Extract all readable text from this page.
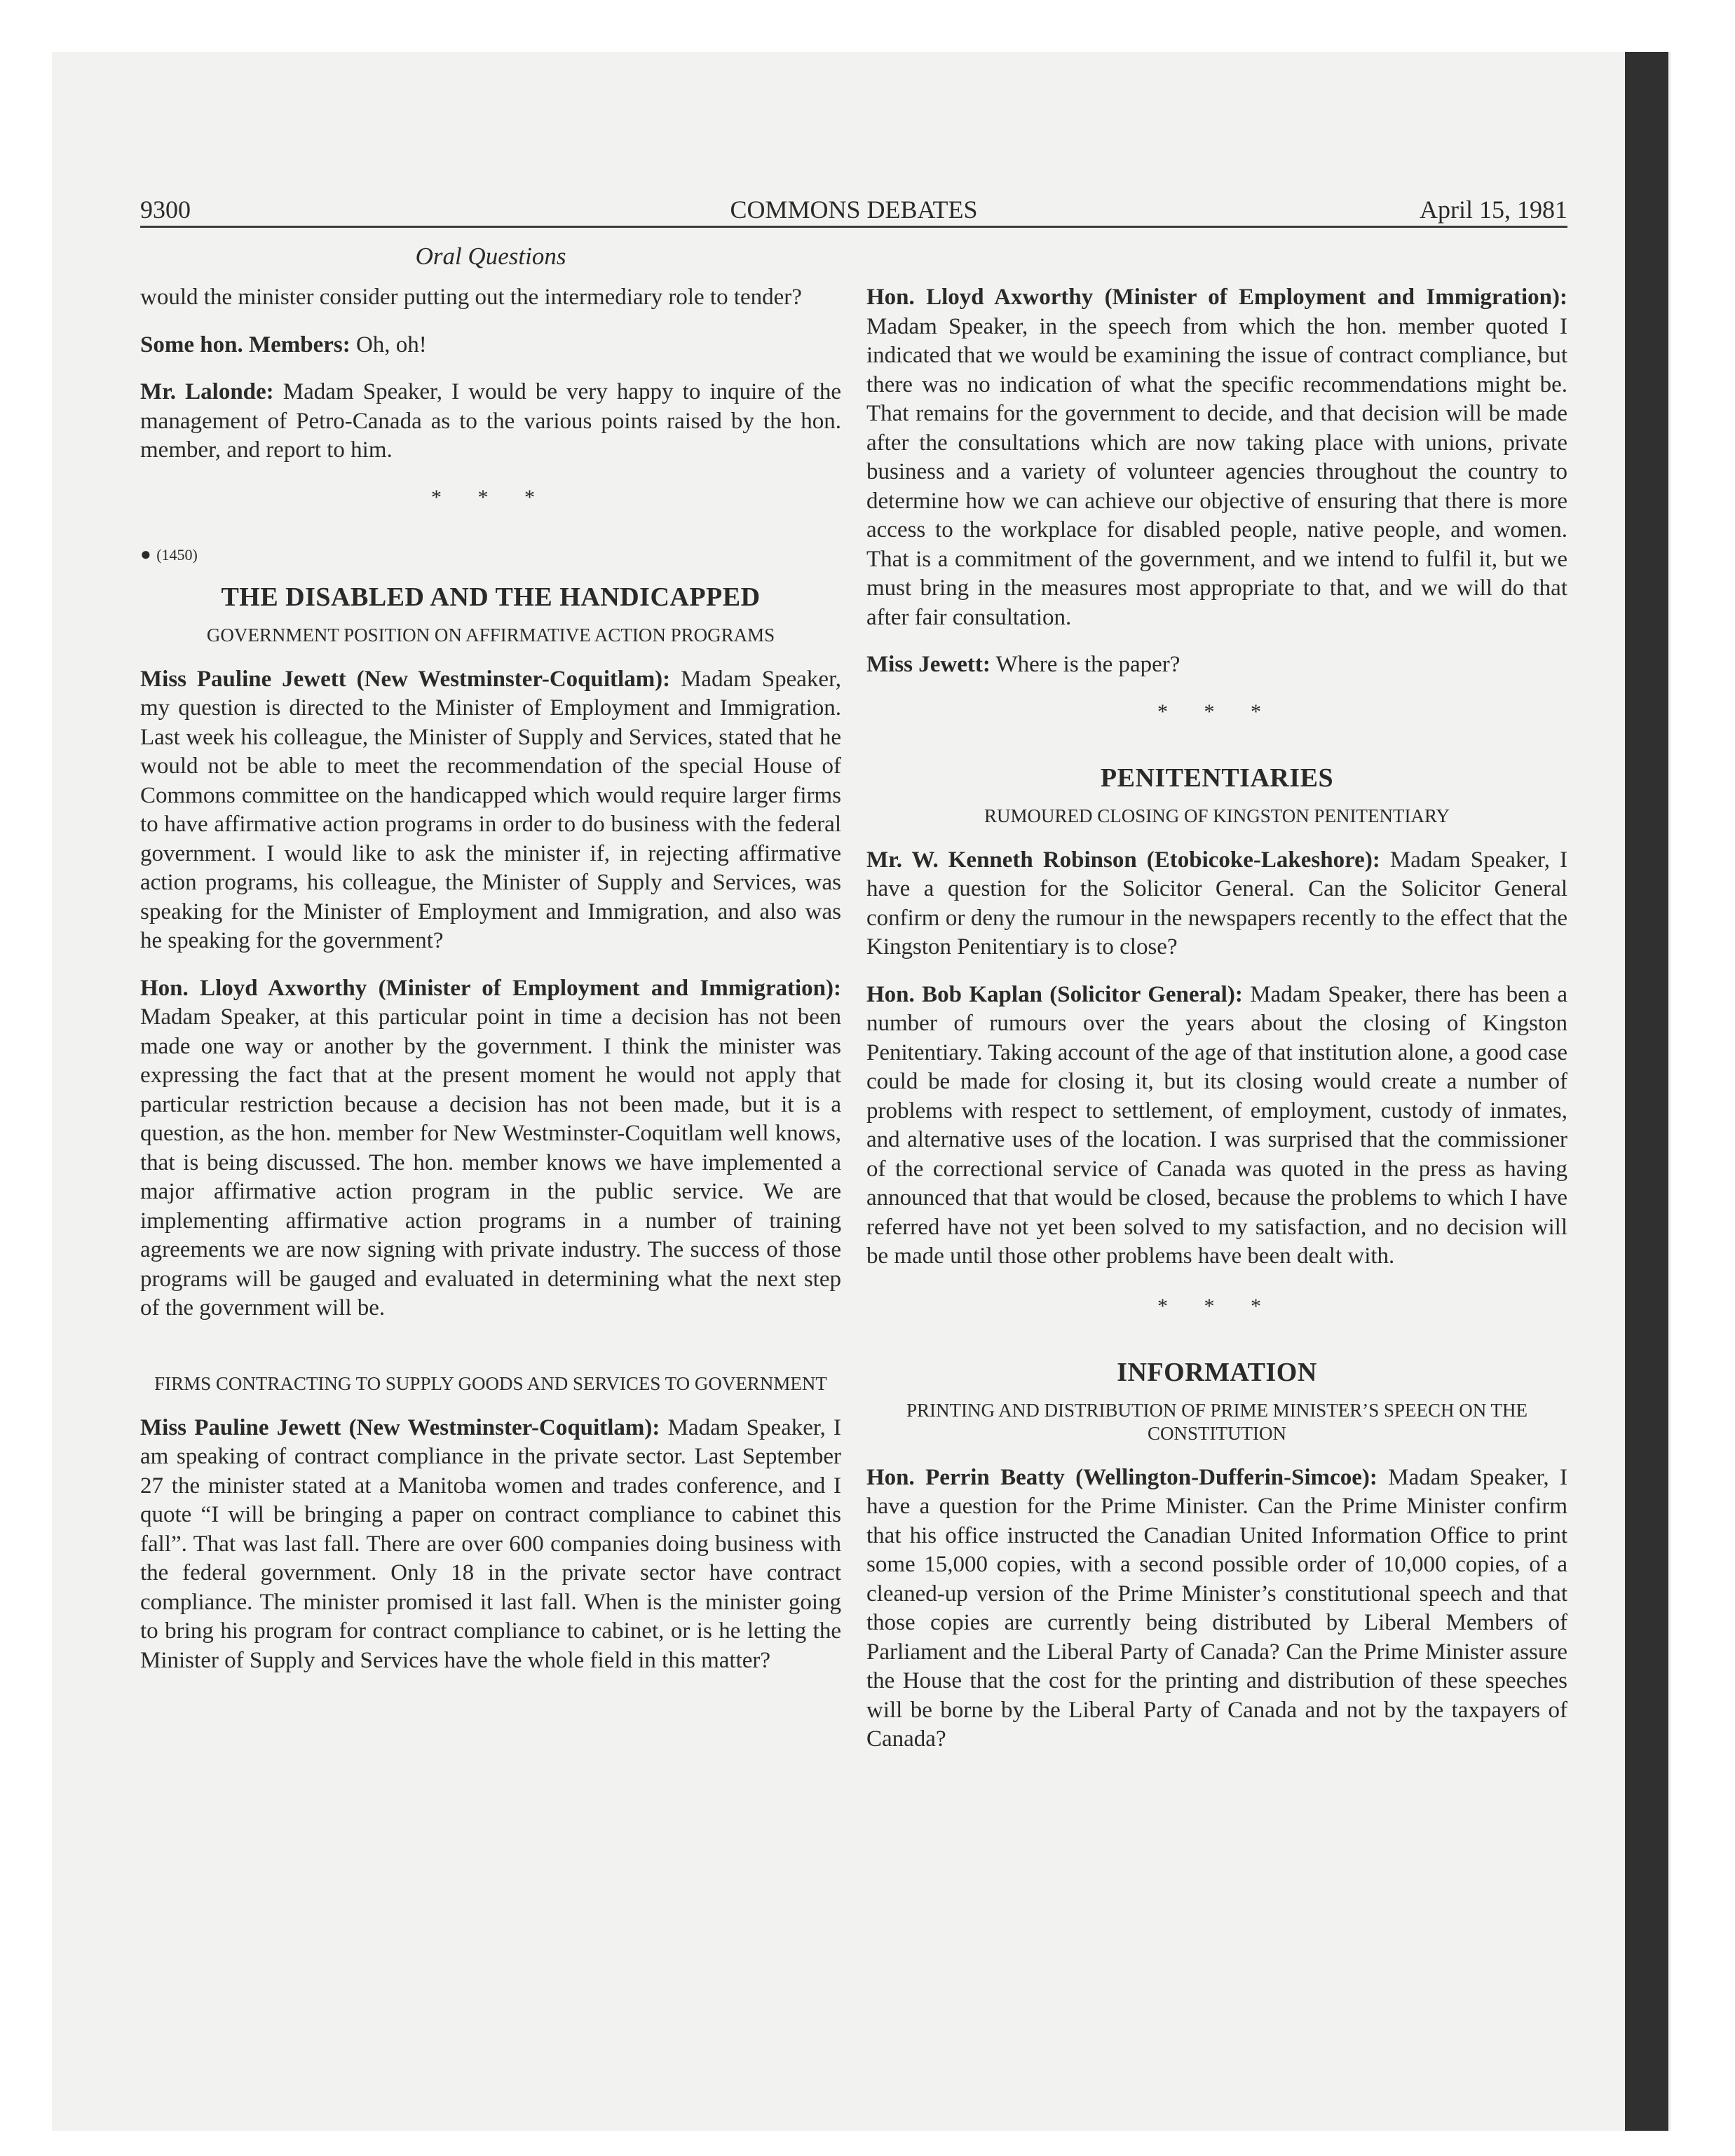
9300	COMMONS DEBATES	April 15, 1981
Oral Questions

would the minister consider putting out the intermediary role to tender?

Some hon. Members: Oh, oh!

Mr. Lalonde: Madam Speaker, I would be very happy to inquire of the management of Petro-Canada as to the various points raised by the hon. member, and report to him.

* * *
● (1450)
THE DISABLED AND THE HANDICAPPED
GOVERNMENT POSITION ON AFFIRMATIVE ACTION PROGRAMS

Miss Pauline Jewett (New Westminster-Coquitlam): Madam Speaker, my question is directed to the Minister of Employment and Immigration. Last week his colleague, the Minister of Supply and Services, stated that he would not be able to meet the recommendation of the special House of Commons committee on the handicapped which would require larger firms to have affirmative action programs in order to do business with the federal government. I would like to ask the minister if, in rejecting affirmative action programs, his colleague, the Minister of Supply and Services, was speaking for the Minister of Employment and Immigration, and also was he speaking for the government?

Hon. Lloyd Axworthy (Minister of Employment and Immigration): Madam Speaker, at this particular point in time a decision has not been made one way or another by the government. I think the minister was expressing the fact that at the present moment he would not apply that particular restriction because a decision has not been made, but it is a question, as the hon. member for New Westminster-Coquitlam well knows, that is being discussed. The hon. member knows we have implemented a major affirmative action program in the public service. We are implementing affirmative action programs in a number of training agreements we are now signing with private industry. The success of those programs will be gauged and evaluated in determining what the next step of the government will be.

FIRMS CONTRACTING TO SUPPLY GOODS AND SERVICES TO GOVERNMENT

Miss Pauline Jewett (New Westminster-Coquitlam): Madam Speaker, I am speaking of contract compliance in the private sector. Last September 27 the minister stated at a Manitoba women and trades conference, and I quote “I will be bringing a paper on contract compliance to cabinet this fall”. That was last fall. There are over 600 companies doing business with the federal government. Only 18 in the private sector have contract compliance. The minister promised it last fall. When is the minister going to bring his program for contract compliance to cabinet, or is he letting the Minister of Supply and Services have the whole field in this matter?

Hon. Lloyd Axworthy (Minister of Employment and Immigration): Madam Speaker, in the speech from which the hon. member quoted I indicated that we would be examining the issue of contract compliance, but there was no indication of what the specific recommendations might be. That remains for the government to decide, and that decision will be made after the consultations which are now taking place with unions, private business and a variety of volunteer agencies throughout the country to determine how we can achieve our objective of ensuring that there is more access to the workplace for disabled people, native people, and women. That is a commitment of the government, and we intend to fulfil it, but we must bring in the measures most appropriate to that, and we will do that after fair consultation.

Miss Jewett: Where is the paper?

* * *
PENITENTIARIES
RUMOURED CLOSING OF KINGSTON PENITENTIARY

Mr. W. Kenneth Robinson (Etobicoke-Lakeshore): Madam Speaker, I have a question for the Solicitor General. Can the Solicitor General confirm or deny the rumour in the newspapers recently to the effect that the Kingston Penitentiary is to close?

Hon. Bob Kaplan (Solicitor General): Madam Speaker, there has been a number of rumours over the years about the closing of Kingston Penitentiary. Taking account of the age of that institution alone, a good case could be made for closing it, but its closing would create a number of problems with respect to settlement, of employment, custody of inmates, and alternative uses of the location. I was surprised that the commissioner of the correctional service of Canada was quoted in the press as having announced that that would be closed, because the problems to which I have referred have not yet been solved to my satisfaction, and no decision will be made until those other problems have been dealt with.

* * *
INFORMATION
PRINTING AND DISTRIBUTION OF PRIME MINISTER’S SPEECH ON THE CONSTITUTION

Hon. Perrin Beatty (Wellington-Dufferin-Simcoe): Madam Speaker, I have a question for the Prime Minister. Can the Prime Minister confirm that his office instructed the Canadian United Information Office to print some 15,000 copies, with a second possible order of 10,000 copies, of a cleaned-up version of the Prime Minister’s constitutional speech and that those copies are currently being distributed by Liberal Members of Parliament and the Liberal Party of Canada? Can the Prime Minister assure the House that the cost for the printing and distribution of these speeches will be borne by the Liberal Party of Canada and not by the taxpayers of Canada?
